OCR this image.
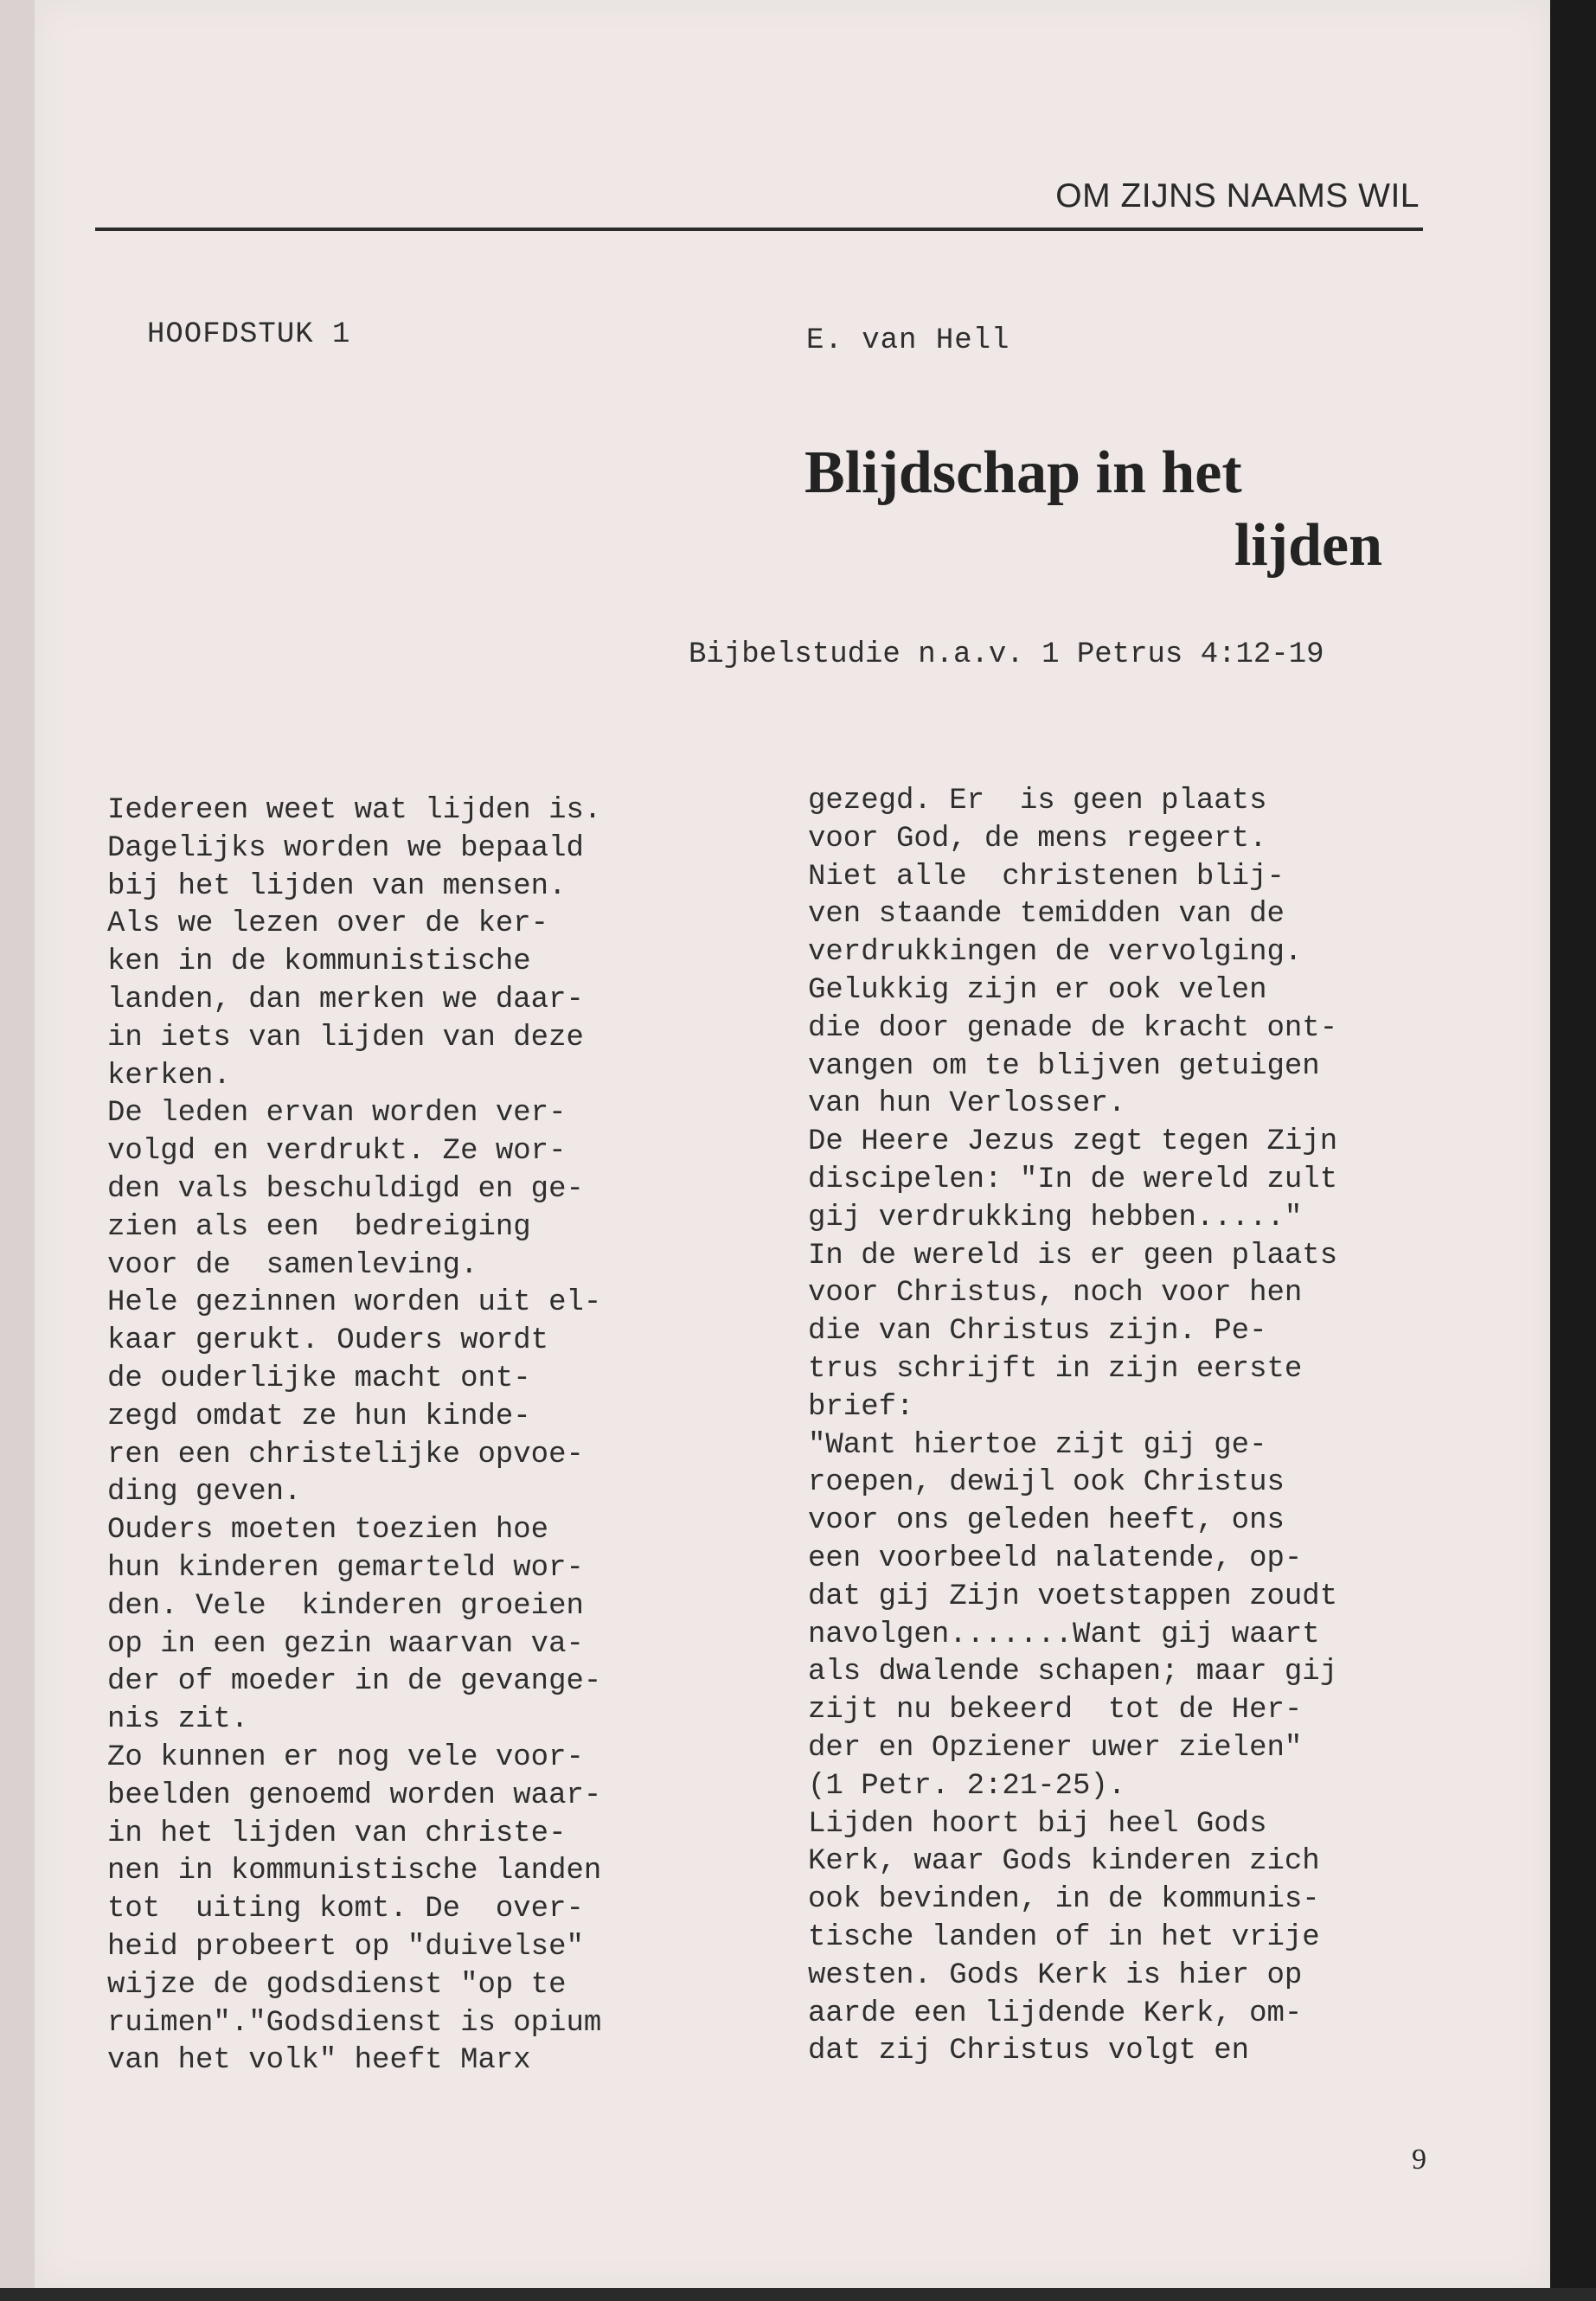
OM ZIJNS NAAMS WIL
HOOFDSTUK 1	E. van Hell
Blijdschap in het
lijden
Bijbelstudie n.a.v. 1 Petrus 4:12-19
Iedereen weet wat lijden is.
Dagelijks worden we bepaald
bij het lijden van mensen.
Als we lezen over de ker-
ken in de kommunistische
landen, dan merken we daar-
in iets van lijden van deze
kerken.
De leden ervan worden ver-
volgd en verdrukt. Ze wor-
den vals beschuldigd en ge-
zien als een  bedreiging
voor de  samenleving.
Hele gezinnen worden uit el-
kaar gerukt. Ouders wordt
de ouderlijke macht ont-
zegd omdat ze hun kinde-
ren een christelijke opvoe-
ding geven.
Ouders moeten toezien hoe
hun kinderen gemarteld wor-
den. Vele  kinderen groeien
op in een gezin waarvan va-
der of moeder in de gevange-
nis zit.
Zo kunnen er nog vele voor-
beelden genoemd worden waar-
in het lijden van christe-
nen in kommunistische landen
tot  uiting komt. De  over-
heid probeert op "duivelse"
wijze de godsdienst "op te
ruimen"."Godsdienst is opium
van het volk" heeft Marx
gezegd. Er  is geen plaats
voor God, de mens regeert.
Niet alle  christenen blij-
ven staande temidden van de
verdrukkingen de vervolging.
Gelukkig zijn er ook velen
die door genade de kracht ont-
vangen om te blijven getuigen
van hun Verlosser.
De Heere Jezus zegt tegen Zijn
discipelen: "In de wereld zult
gij verdrukking hebben....."
In de wereld is er geen plaats
voor Christus, noch voor hen
die van Christus zijn. Pe-
trus schrijft in zijn eerste
brief:
"Want hiertoe zijt gij ge-
roepen, dewijl ook Christus
voor ons geleden heeft, ons
een voorbeeld nalatende, op-
dat gij Zijn voetstappen zoudt
navolgen.......Want gij waart
als dwalende schapen; maar gij
zijt nu bekeerd  tot de Her-
der en Opziener uwer zielen"
(1 Petr. 2:21-25).
Lijden hoort bij heel Gods
Kerk, waar Gods kinderen zich
ook bevinden, in de kommunis-
tische landen of in het vrije
westen. Gods Kerk is hier op
aarde een lijdende Kerk, om-
dat zij Christus volgt en
9
